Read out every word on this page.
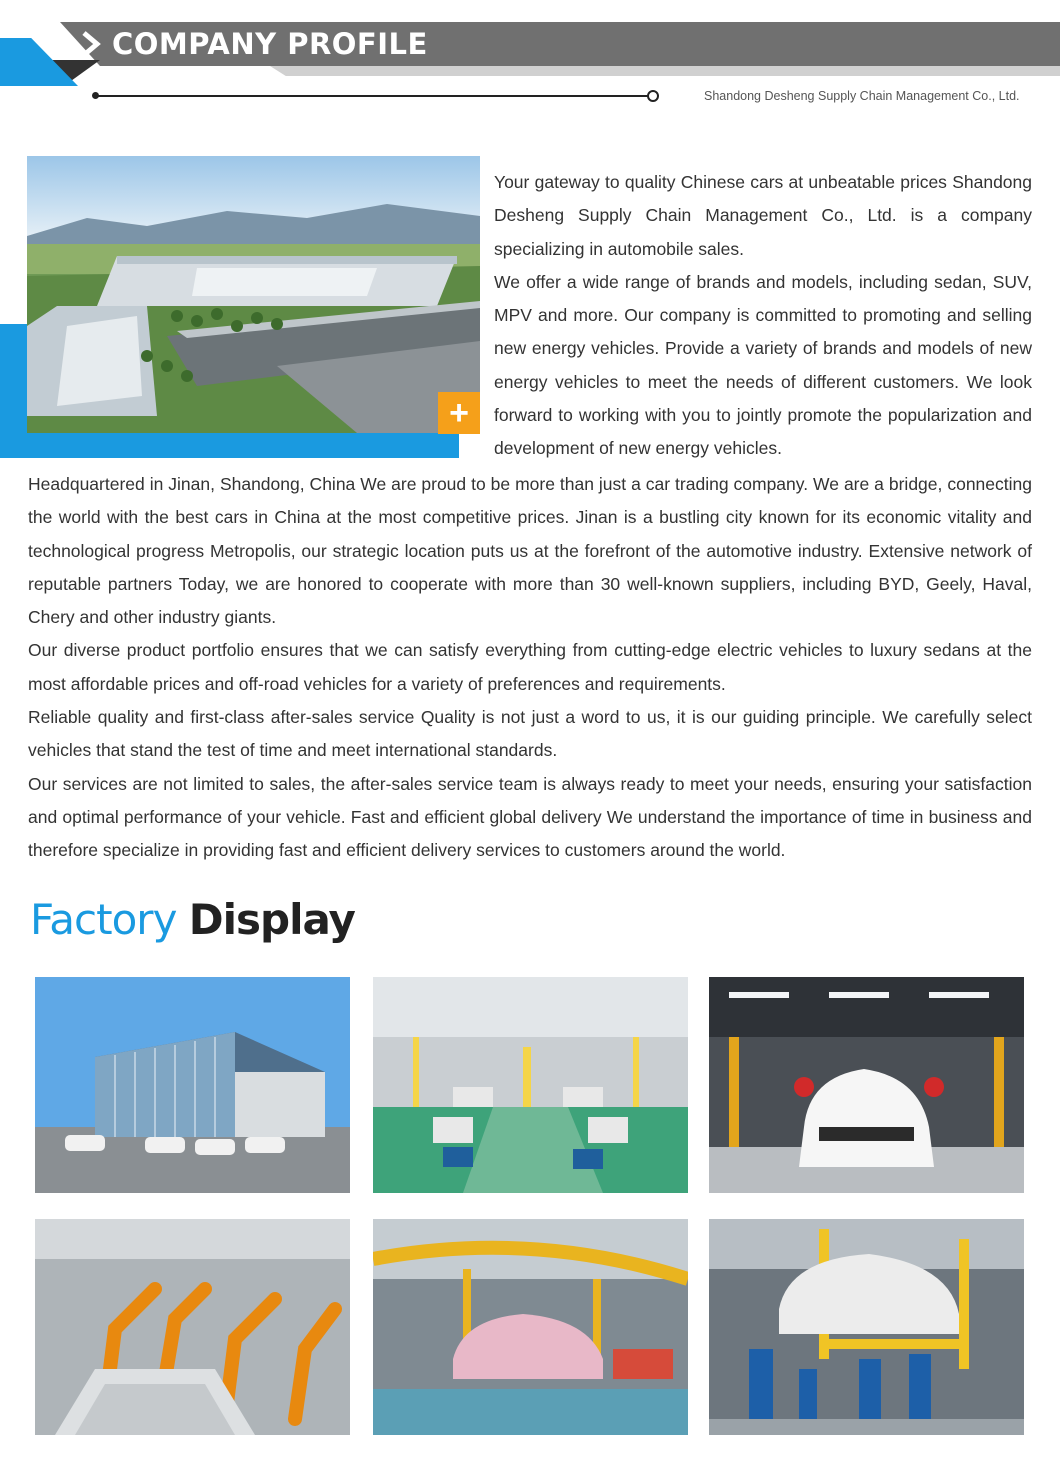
COMPANY PROFILE
Shandong Desheng Supply Chain Management Co., Ltd.
+

Your gateway to quality Chinese cars at unbeatable prices Shandong Desheng Supply Chain Management Co., Ltd. is a company specializing in automobile sales.

We offer a wide range of brands and models, including sedan, SUV, MPV and more. Our company is committed to promoting and selling new energy vehicles. Provide a variety of brands and models of new energy vehicles to meet the needs of different customers. We look forward to working with you to jointly promote the popularization and development of new energy vehicles.

Headquartered in Jinan, Shandong, China We are proud to be more than just a car trading company. We are a bridge, connecting the world with the best cars in China at the most competitive prices. Jinan is a bustling city known for its economic vitality and technological progress Metropolis, our strategic location puts us at the forefront of the automotive industry. Extensive network of reputable partners Today, we are honored to cooperate with more than 30 well-known suppliers, including BYD, Geely, Haval, Chery and other industry giants.

Our diverse product portfolio ensures that we can satisfy everything from cutting-edge electric vehicles to luxury sedans at the most affordable prices and off-road vehicles for a variety of preferences and requirements.

Reliable quality and first-class after-sales service Quality is not just a word to us, it is our guiding principle. We carefully select vehicles that stand the test of time and meet international standards.

Our services are not limited to sales, the after-sales service team is always ready to meet your needs, ensuring your satisfaction and optimal performance of your vehicle. Fast and efficient global delivery We understand the importance of time in business and therefore specialize in providing fast and efficient delivery services to customers around the world.

Factory Display
